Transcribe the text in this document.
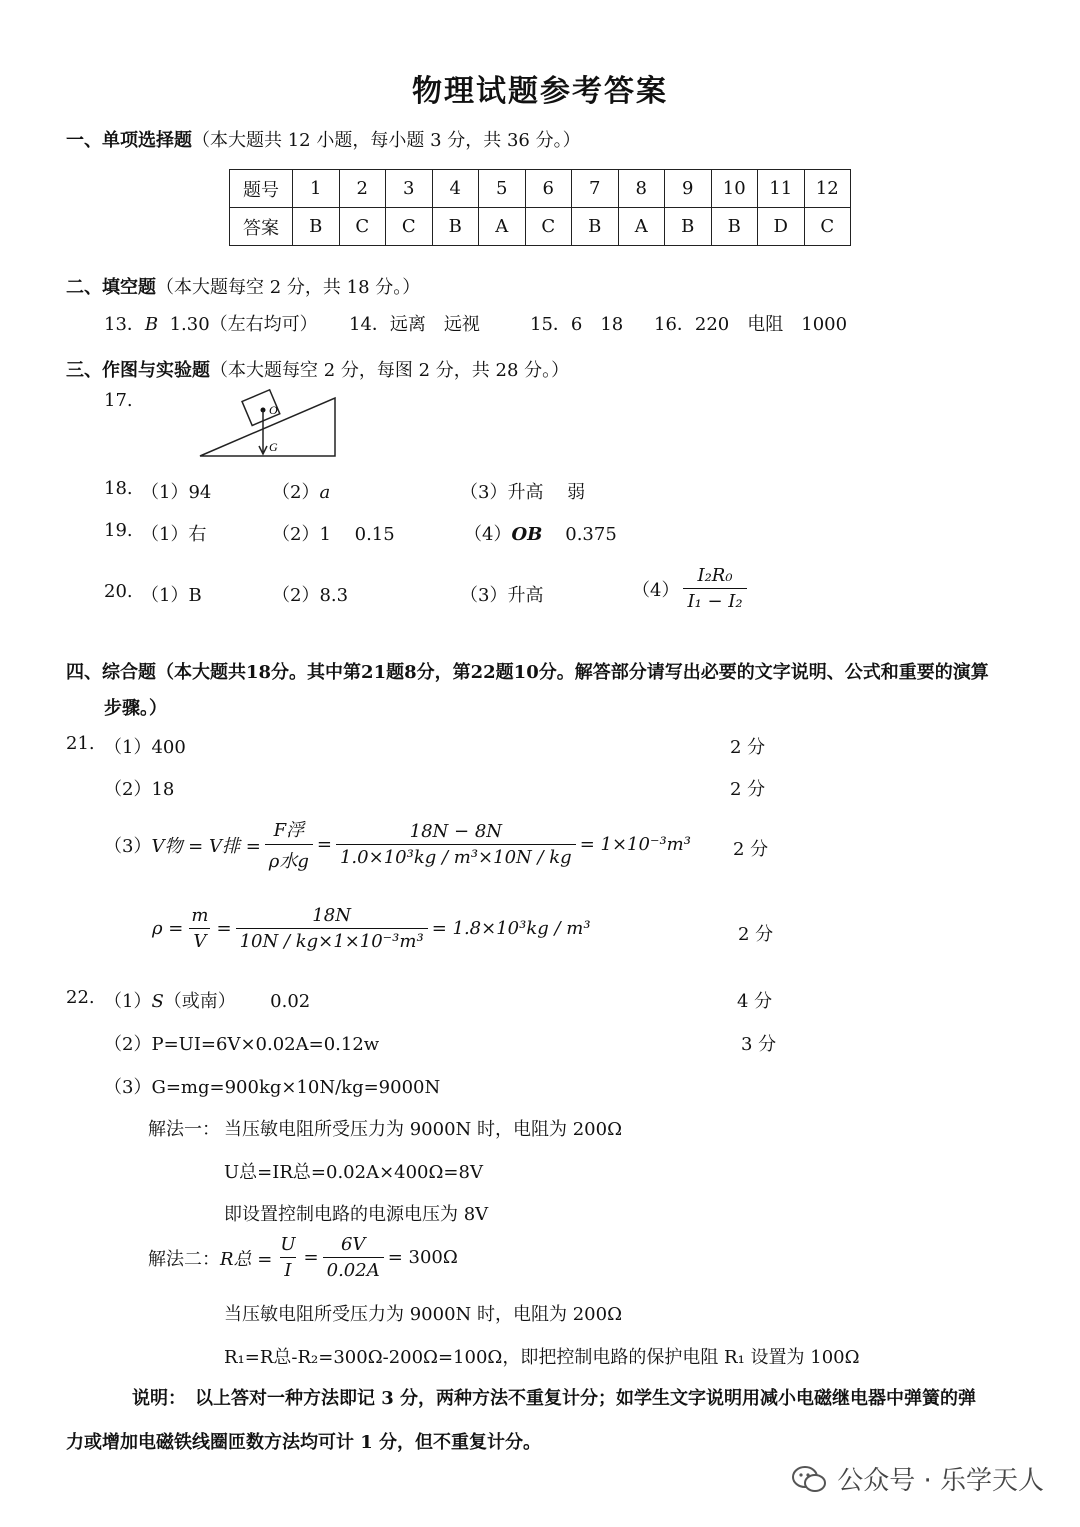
物理试题参考答案
一、单项选择题（本大题共 12 小题，每小题 3 分，共 36 分。）
题号	1	2	3	4	5	6	7	8	9	10	11	12
答案	B	C	C	B	A	C	B	A	B	B	D	C
二、填空题（本大题每空 2 分，共 18 分。）
13．B 1.30（左右均可） 14．远离　远视	15．6　18 16．220　电阻　1000
三、作图与实验题（本大题每空 2 分，每图 2 分，共 28 分。）
17.	O
G
18. （1）94	（2）a	（3）升高　 弱
19. （1）右	（2）1　 0.15	（4）OB 0.375
20. （1）B	（2）8.3	（3）升高	$(4) \frac{\text{I₂R₀}}{\text{I₁ − I₂}}$
四、综合题（本大题共18分。其中第21题8分，第22题10分。解答部分请写出必要的文字说明、公式和重要的演算
步骤。）
21. （1）400	2 分
（2）18	2 分
（3） V物 = V排 = $\frac{\text{F浮}}{\text{ρ水g}} = \frac{18N - 8N}{\text{1.0×10³kg / m³×10N / kg}} = 1\times 10^{-3}m^3$ 2 分
$\rho = \frac{m}{V} = \frac{18N}{\text{10N / kg×1×10⁻³m³}} = 1.8\times 10^3kg / m^3$	2 分
22. （1）S（或南） 0.02	4 分
（2）P=UI=6V×0.02A=0.12w	3 分
（3）G=mg=900kg×10N/kg=9000N
解法一： 当压敏电阻所受压力为 9000N 时，电阻为 200Ω
U总=IR总=0.02A×400Ω=8V
即设置控制电路的电源电压为 8V
解法二： R总 = $\frac{U}{I} = \frac{6V}{0.02A} = 300\Omega$
当压敏电阻所受压力为 9000N 时，电阻为 200Ω
R₁=R总-R₂=300Ω-200Ω=100Ω，即把控制电路的保护电阻 R₁ 设置为 100Ω
说明：　以上答对一种方法即记 3 分，两种方法不重复计分；如学生文字说明用减小电磁继电器中弹簧的弹
力或增加电磁铁线圈匝数方法均可计 1 分，但不重复计分。
公众号 · 乐学天人
